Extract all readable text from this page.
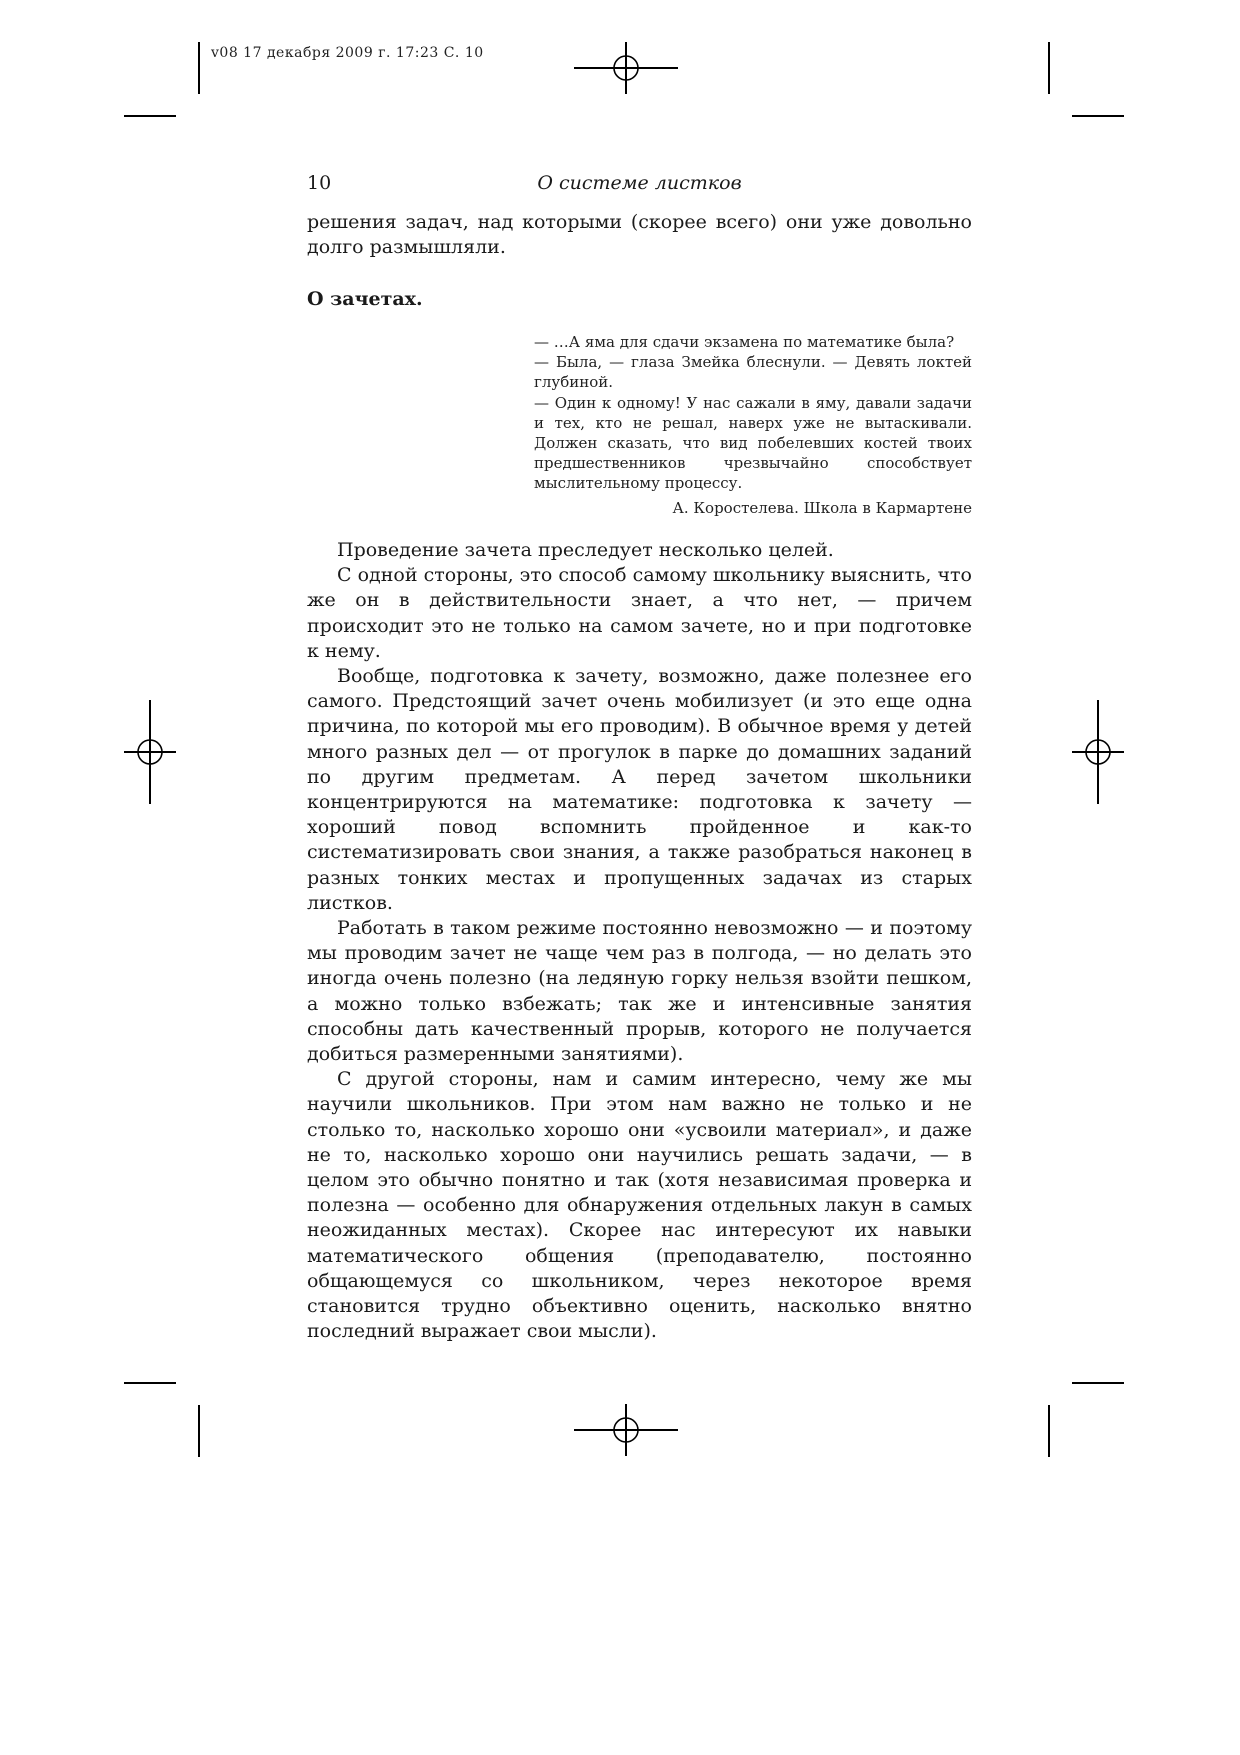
v08 17 декабря 2009 г. 17:23 С. 10
10	О системе листков

решения задач, над которыми (скорее всего) они уже довольно долго размышляли.

О зачетах.

— …А яма для сдачи экзамена по математике была?

— Была, — глаза Змейка блеснули. — Девять локтей глубиной.

— Один к одному! У нас сажали в яму, давали задачи и тех, кто не решал, наверх уже не вытаскивали. Должен сказать, что вид побелевших костей твоих предшественников чрезвычайно способствует мыслительному процессу.

А. Коростелева. Школа в Кармартене

Проведение зачета преследует несколько целей.

С одной стороны, это способ самому школьнику выяснить, что же он в действительности знает, а что нет, — причем происходит это не только на самом зачете, но и при подготовке к нему.

Вообще, подготовка к зачету, возможно, даже полезнее его самого. Предстоящий зачет очень мобилизует (и это еще одна причина, по которой мы его проводим). В обычное время у детей много разных дел — от прогулок в парке до домашних заданий по другим предметам. А перед зачетом школьники концентрируются на математике: подготовка к зачету — хороший повод вспомнить пройденное и как-то систематизировать свои знания, а также разобраться наконец в разных тонких местах и пропущенных задачах из старых листков.

Работать в таком режиме постоянно невозможно — и поэтому мы проводим зачет не чаще чем раз в полгода, — но делать это иногда очень полезно (на ледяную горку нельзя взойти пешком, а можно только взбежать; так же и интенсивные занятия способны дать качественный прорыв, которого не получается добиться размеренными занятиями).

С другой стороны, нам и самим интересно, чему же мы научили школьников. При этом нам важно не только и не столько то, насколько хорошо они «усвоили материал», и даже не то, насколько хорошо они научились решать задачи, — в целом это обычно понятно и так (хотя независимая проверка и полезна — особенно для обнаружения отдельных лакун в самых неожиданных местах). Скорее нас интересуют их навыки математического общения (преподавателю, постоянно общающемуся со школьником, через некоторое время становится трудно объективно оценить, насколько внятно последний выражает свои мысли).
